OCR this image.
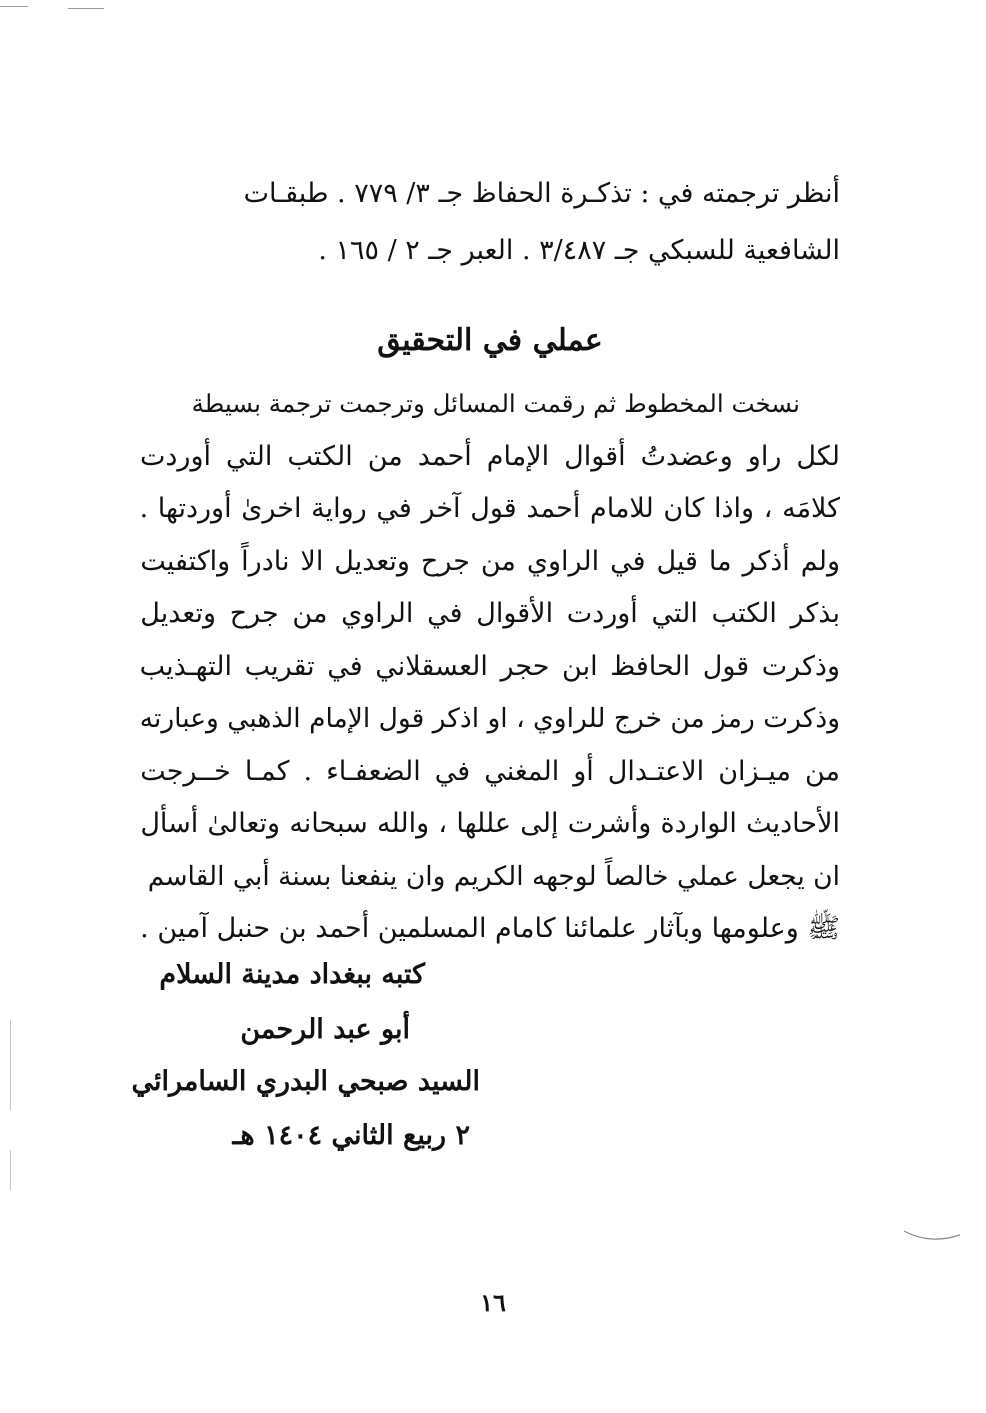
أنظر ترجمته في : تذكـرة الحفاظ جـ ٣/ ٧٧٩ . طبقـات

الشافعية للسبكي جـ ٣/٤٨٧ . العبر جـ ٢ / ١٦٥ .

عملي في التحقيق
نسخت المخطوط ثم رقمت المسائل وترجمت ترجمة بسيطة
لكل راو وعضدتُ أقوال الإمام أحمد من الكتب التي أوردت
كلامَه ، واذا كان للامام أحمد قول آخر في رواية اخرىٰ أوردتها .
ولم أذكر ما قيل في الراوي من جرح وتعديل الا نادراً واكتفيت
بذكر الكتب التي أوردت الأقوال في الراوي من جرح وتعديل
وذكرت قول الحافظ ابن حجر العسقلاني في تقريب التهـذيب
وذكرت رمز من خرج للراوي ، او اذكر قول الإمام الذهبي وعبارته
من ميـزان الاعتـدال أو المغني في الضعفـاء . كمـا خــرجت
الأحاديث الواردة وأشرت إلى عللها ، والله سبحانه وتعالىٰ أسأل
ان يجعل عملي خالصاً لوجهه الكريم وان ينفعنا بسنة أبي القاسم
ﷺ وعلومها وبآثار علمائنا كامام المسلمين أحمد بن حنبل آمين .
كتبه ببغداد مدينة السلام
أبو عبد الرحمن
السيد صبحي البدري السامرائي
٢ ربيع الثاني ١٤٠٤ هـ
١٦
